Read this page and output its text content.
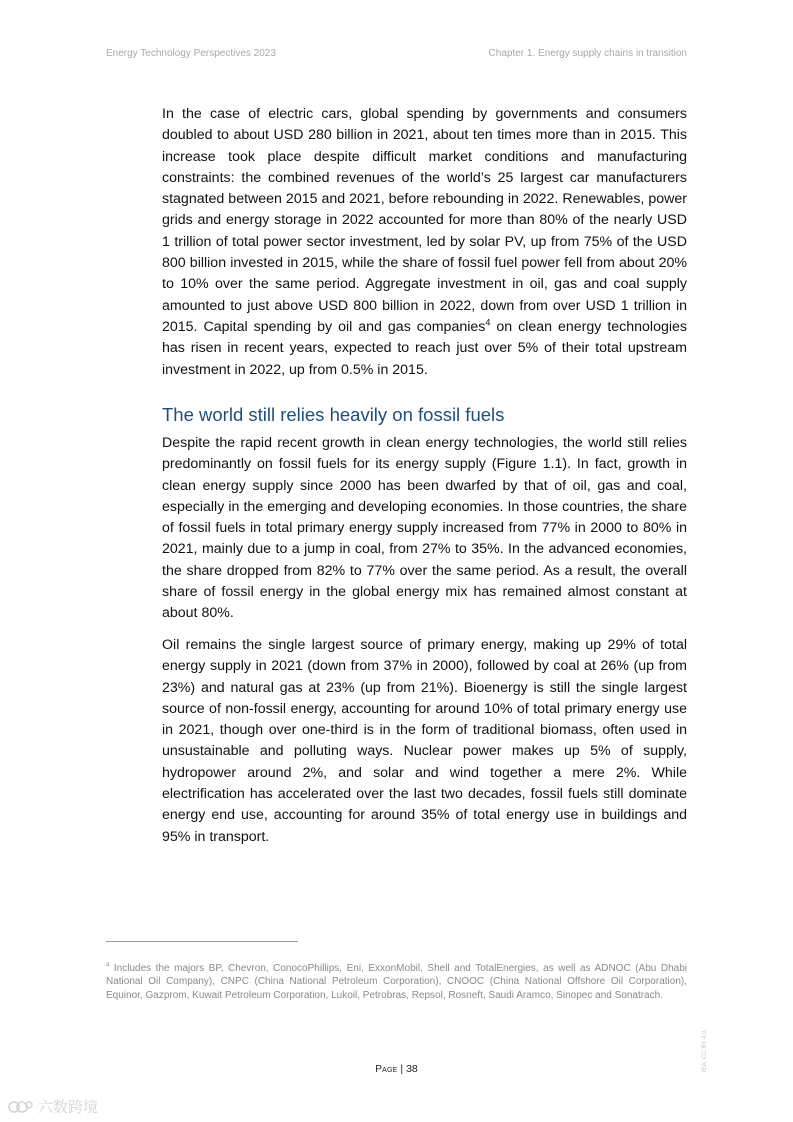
Energy Technology Perspectives 2023	Chapter 1. Energy supply chains in transition

In the case of electric cars, global spending by governments and consumers doubled to about USD 280 billion in 2021, about ten times more than in 2015. This increase took place despite difficult market conditions and manufacturing constraints: the combined revenues of the world’s 25 largest car manufacturers stagnated between 2015 and 2021, before rebounding in 2022. Renewables, power grids and energy storage in 2022 accounted for more than 80% of the nearly USD 1 trillion of total power sector investment, led by solar PV, up from 75% of the USD 800 billion invested in 2015, while the share of fossil fuel power fell from about 20% to 10% over the same period. Aggregate investment in oil, gas and coal supply amounted to just above USD 800 billion in 2022, down from over USD 1 trillion in 2015. Capital spending by oil and gas companies$^4$ on clean energy technologies has risen in recent years, expected to reach just over 5% of their total upstream investment in 2022, up from 0.5% in 2015.

The world still relies heavily on fossil fuels

Despite the rapid recent growth in clean energy technologies, the world still relies predominantly on fossil fuels for its energy supply (Figure 1.1). In fact, growth in clean energy supply since 2000 has been dwarfed by that of oil, gas and coal, especially in the emerging and developing economies. In those countries, the share of fossil fuels in total primary energy supply increased from 77% in 2000 to 80% in 2021, mainly due to a jump in coal, from 27% to 35%. In the advanced economies, the share dropped from 82% to 77% over the same period. As a result, the overall share of fossil energy in the global energy mix has remained almost constant at about 80%.

Oil remains the single largest source of primary energy, making up 29% of total energy supply in 2021 (down from 37% in 2000), followed by coal at 26% (up from 23%) and natural gas at 23% (up from 21%). Bioenergy is still the single largest source of non-fossil energy, accounting for around 10% of total primary energy use in 2021, though over one-third is in the form of traditional biomass, often used in unsustainable and polluting ways. Nuclear power makes up 5% of supply, hydropower around 2%, and solar and wind together a mere 2%. While electrification has accelerated over the last two decades, fossil fuels still dominate energy end use, accounting for around 35% of total energy use in buildings and 95% in transport.

$^4$ Includes the majors BP, Chevron, ConocoPhillips, Eni, ExxonMobil, Shell and TotalEnergies, as well as ADNOC (Abu Dhabi National Oil Company), CNPC (China National Petroleum Corporation), CNOOC (China National Offshore Oil Corporation), Equinor, Gazprom, Kuwait Petroleum Corporation, Lukoil, Petrobras, Repsol, Rosneft, Saudi Aramco, Sinopec and Sonatrach.

Page | 38	IEA. CC BY 4.0.
六数跨境
